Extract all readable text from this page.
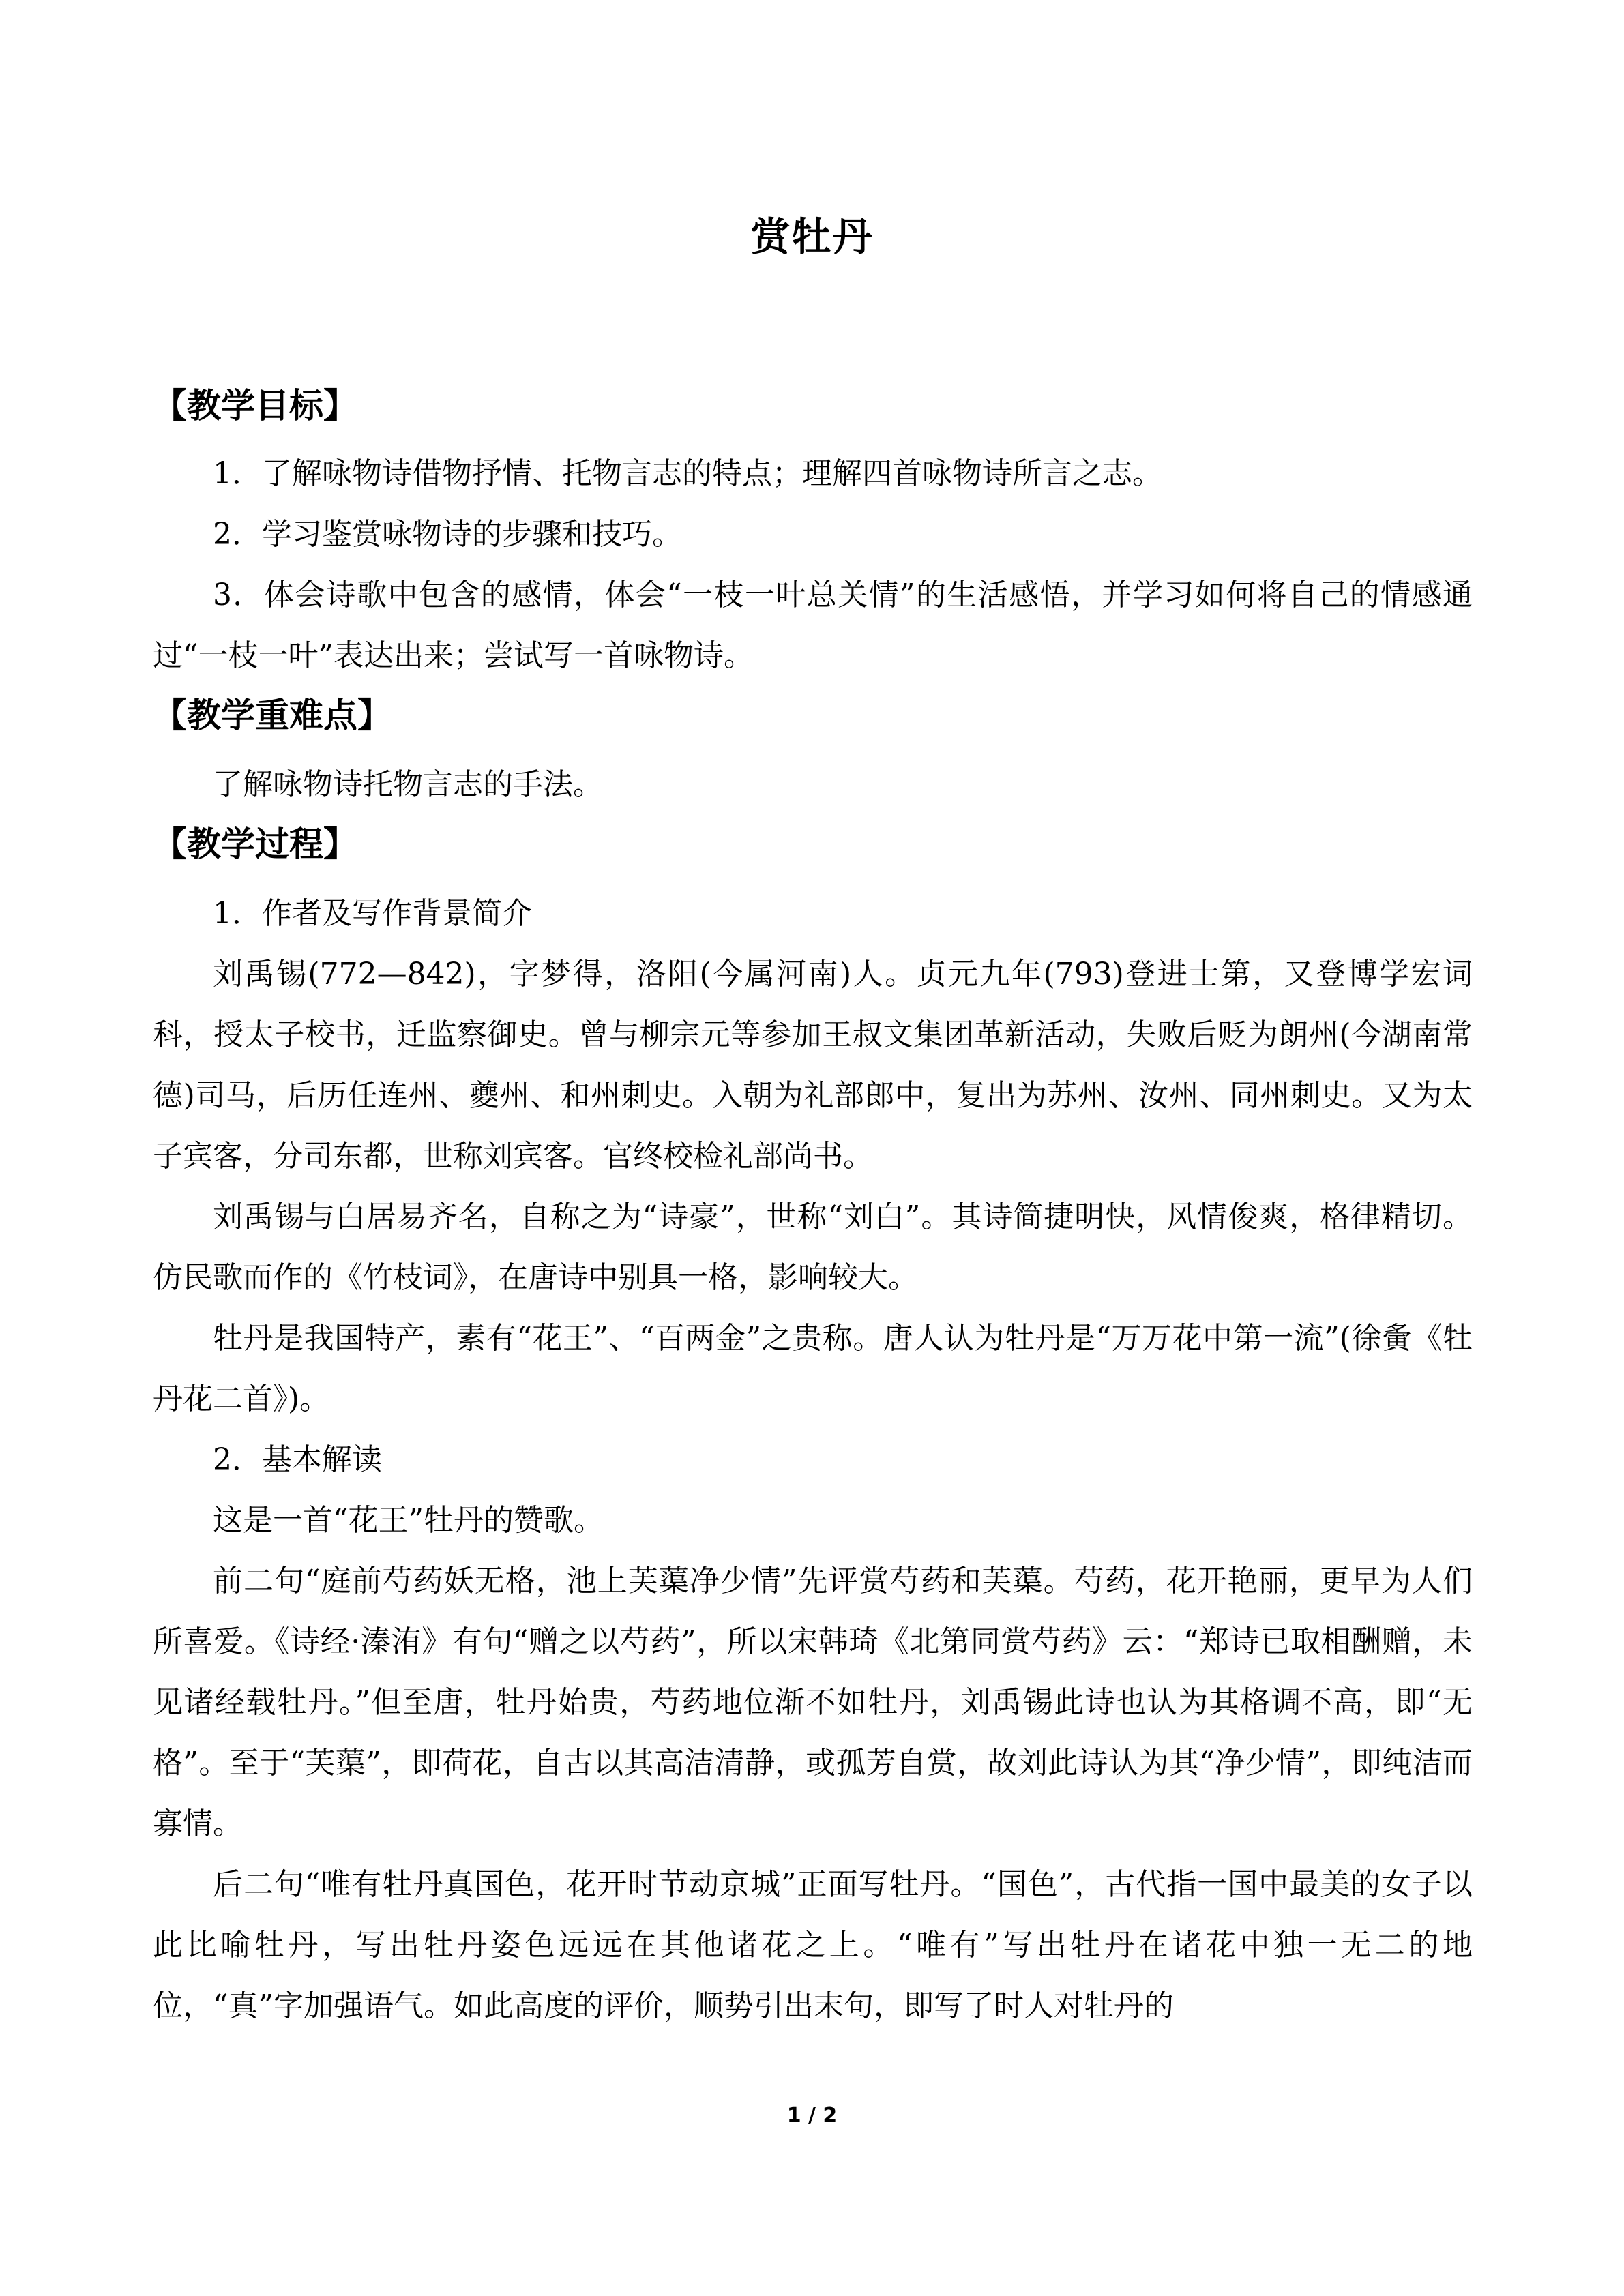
赏牡丹
【教学目标】

1．了解咏物诗借物抒情、托物言志的特点；理解四首咏物诗所言之志。

2．学习鉴赏咏物诗的步骤和技巧。

3．体会诗歌中包含的感情，体会“一枝一叶总关情”的生活感悟，并学习如何将自己的情感通过“一枝一叶”表达出来；尝试写一首咏物诗。

【教学重难点】

了解咏物诗托物言志的手法。

【教学过程】

1．作者及写作背景简介

刘禹锡(772—842)，字梦得，洛阳(今属河南)人。贞元九年(793)登进士第，又登博学宏词科，授太子校书，迁监察御史。曾与柳宗元等参加王叔文集团革新活动，失败后贬为朗州(今湖南常德)司马，后历任连州、夔州、和州刺史。入朝为礼部郎中，复出为苏州、汝州、同州刺史。又为太子宾客，分司东都，世称刘宾客。官终校检礼部尚书。

刘禹锡与白居易齐名，自称之为“诗豪”，世称“刘白”。其诗简捷明快，风情俊爽，格律精切。仿民歌而作的《竹枝词》，在唐诗中别具一格，影响较大。

牡丹是我国特产，素有“花王”、“百两金”之贵称。唐人认为牡丹是“万万花中第一流”(徐夤《牡丹花二首》)。

2．基本解读

这是一首“花王”牡丹的赞歌。

前二句“庭前芍药妖无格，池上芙蕖净少情”先评赏芍药和芙蕖。芍药，花开艳丽，更早为人们所喜爱。《诗经·溱洧》有句“赠之以芍药”，所以宋韩琦《北第同赏芍药》云：“郑诗已取相酬赠，未见诸经载牡丹。”但至唐，牡丹始贵，芍药地位渐不如牡丹，刘禹锡此诗也认为其格调不高，即“无格”。至于“芙蕖”，即荷花，自古以其高洁清静，或孤芳自赏，故刘此诗认为其“净少情”，即纯洁而寡情。

后二句“唯有牡丹真国色，花开时节动京城”正面写牡丹。“国色”，古代指一国中最美的女子以此比喻牡丹，写出牡丹姿色远远在其他诸花之上。“唯有”写出牡丹在诸花中独一无二的地位，“真”字加强语气。如此高度的评价，顺势引出末句，即写了时人对牡丹的

1 / 2
